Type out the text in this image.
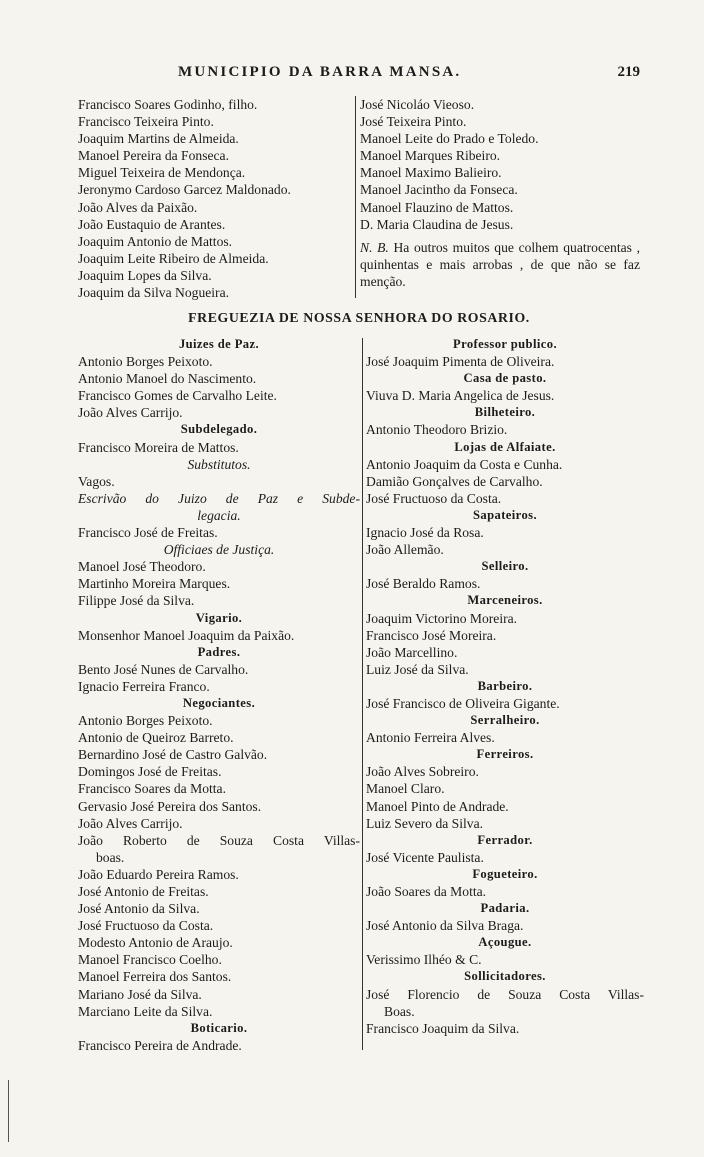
MUNICIPIO DA BARRA MANSA.	219
Francisco Soares Godinho, filho.
Francisco Teixeira Pinto.
Joaquim Martins de Almeida.
Manoel Pereira da Fonseca.
Miguel Teixeira de Mendonça.
Jeronymo Cardoso Garcez Maldonado.
João Alves da Paixão.
João Eustaquio de Arantes.
Joaquim Antonio de Mattos.
Joaquim Leite Ribeiro de Almeida.
Joaquim Lopes da Silva.
Joaquim da Silva Nogueira.
José Nicoláo Vieoso.
José Teixeira Pinto.
Manoel Leite do Prado e Toledo.
Manoel Marques Ribeiro.
Manoel Maximo Balieiro.
Manoel Jacintho da Fonseca.
Manoel Flauzino de Mattos.
D. Maria Claudina de Jesus.
N. B. Ha outros muitos que colhem quatrocentas , quinhentas e mais arrobas , de que não se faz menção.
FREGUEZIA DE NOSSA SENHORA DO ROSARIO.
Juizes de Paz.
Antonio Borges Peixoto.
Antonio Manoel do Nascimento.
Francisco Gomes de Carvalho Leite.
João Alves Carrijo.
Subdelegado.
Francisco Moreira de Mattos.
Substitutos.
Vagos.
Escrivão do Juizo de Paz e Subde-
legacia.
Francisco José de Freitas.
Officiaes de Justiça.
Manoel José Theodoro.
Martinho Moreira Marques.
Filippe José da Silva.
Vigario.
Monsenhor Manoel Joaquim da Paixão.
Padres.
Bento José Nunes de Carvalho.
Ignacio Ferreira Franco.
Negociantes.
Antonio Borges Peixoto.
Antonio de Queiroz Barreto.
Bernardino José de Castro Galvão.
Domingos José de Freitas.
Francisco Soares da Motta.
Gervasio José Pereira dos Santos.
João Alves Carrijo.
João Roberto de Souza Costa Villas-
boas.
João Eduardo Pereira Ramos.
José Antonio de Freitas.
José Antonio da Silva.
José Fructuoso da Costa.
Modesto Antonio de Araujo.
Manoel Francisco Coelho.
Manoel Ferreira dos Santos.
Mariano José da Silva.
Marciano Leite da Silva.
Boticario.
Francisco Pereira de Andrade.
Professor publico.
José Joaquim Pimenta de Oliveira.
Casa de pasto.
Viuva D. Maria Angelica de Jesus.
Bilheteiro.
Antonio Theodoro Brizio.
Lojas de Alfaiate.
Antonio Joaquim da Costa e Cunha.
Damião Gonçalves de Carvalho.
José Fructuoso da Costa.
Sapateiros.
Ignacio José da Rosa.
João Allemão.
Selleiro.
José Beraldo Ramos.
Marceneiros.
Joaquim Victorino Moreira.
Francisco José Moreira.
João Marcellino.
Luiz José da Silva.
Barbeiro.
José Francisco de Oliveira Gigante.
Serralheiro.
Antonio Ferreira Alves.
Ferreiros.
João Alves Sobreiro.
Manoel Claro.
Manoel Pinto de Andrade.
Luiz Severo da Silva.
Ferrador.
José Vicente Paulista.
Fogueteiro.
João Soares da Motta.
Padaria.
José Antonio da Silva Braga.
Açougue.
Verissimo Ilhéo & C.
Sollicitadores.
José Florencio de Souza Costa Villas-
Boas.
Francisco Joaquim da Silva.
